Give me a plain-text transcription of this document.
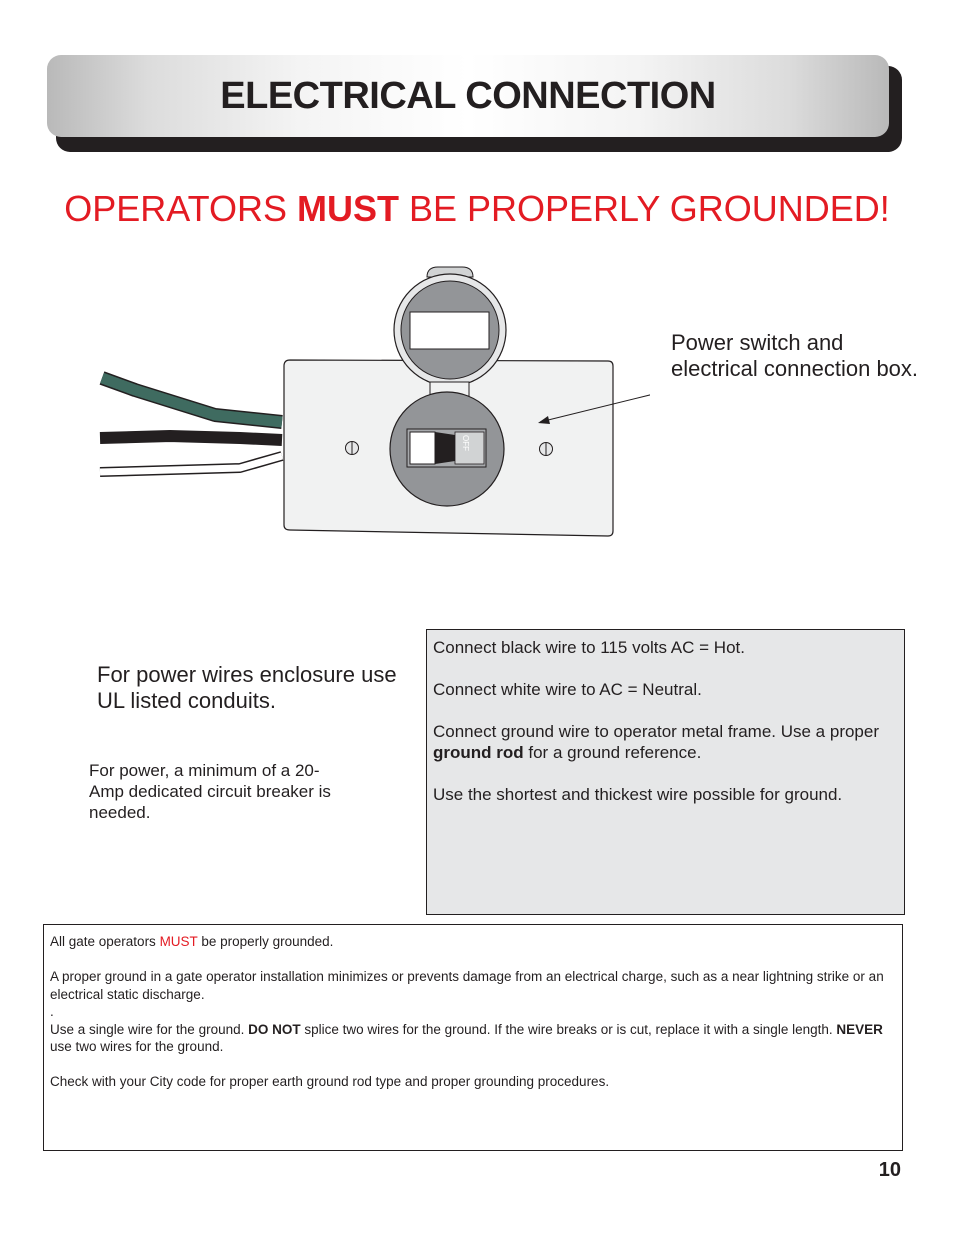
ELECTRICAL CONNECTION
OPERATORS MUST BE PROPERLY GROUNDED!
OFF
Power switch and electrical connection box.
For power wires enclosure use UL listed conduits.
For power, a minimum of a 20-Amp dedicated circuit breaker is needed.

Connect black wire to 115 volts AC = Hot.

Connect white wire to AC = Neutral.

Connect ground wire to operator metal frame. Use a proper ground rod for a ground reference.

Use the shortest and thickest wire possible for ground.

All gate operators MUST be properly grounded.

A proper ground in a gate operator installation minimizes or prevents damage from an electrical charge, such as a near lightning strike or an electrical static discharge.

.

Use a single wire for the ground. DO NOT splice two wires for the ground. If the wire breaks or is cut, replace it with a single length. NEVER use two wires for the ground.

Check with your City code for proper earth ground rod type and proper grounding procedures.

10
